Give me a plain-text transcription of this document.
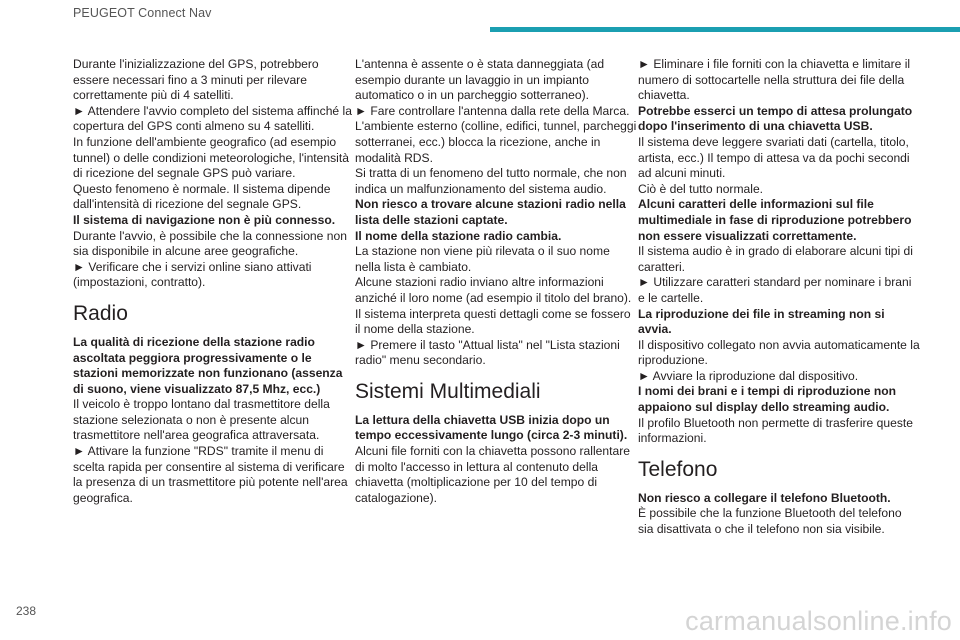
PEUGEOT Connect Nav

Durante l'inizializzazione del GPS, potrebbero essere necessari fino a 3 minuti per rilevare correttamente più di 4 satelliti.

► Attendere l'avvio completo del sistema affinché la copertura del GPS conti almeno su 4 satelliti.

In funzione dell'ambiente geografico (ad esempio tunnel) o delle condizioni meteorologiche, l'intensità di ricezione del segnale GPS può variare.

Questo fenomeno è normale. Il sistema dipende dall'intensità di ricezione del segnale GPS.

Il sistema di navigazione non è più connesso.

Durante l'avvio, è possibile che la connessione non sia disponibile in alcune aree geografiche.

► Verificare che i servizi online siano attivati (impostazioni, contratto).

Radio

La qualità di ricezione della stazione radio ascoltata peggiora progressivamente o le stazioni memorizzate non funzionano (assenza di suono, viene visualizzato 87,5 Mhz, ecc.)

Il veicolo è troppo lontano dal trasmettitore della stazione selezionata o non è presente alcun trasmettitore nell'area geografica attraversata.

► Attivare la funzione "RDS" tramite il menu di scelta rapida per consentire al sistema di verificare la presenza di un trasmettitore più potente nell'area geografica.

L'antenna è assente o è stata danneggiata (ad esempio durante un lavaggio in un impianto automatico o in un parcheggio sotterraneo).

► Fare controllare l'antenna dalla rete della Marca.

L'ambiente esterno (colline, edifici, tunnel, parcheggi sotterranei, ecc.) blocca la ricezione, anche in modalità RDS.

Si tratta di un fenomeno del tutto normale, che non indica un malfunzionamento del sistema audio.

Non riesco a trovare alcune stazioni radio nella lista delle stazioni captate.

Il nome della stazione radio cambia.

La stazione non viene più rilevata o il suo nome nella lista è cambiato.

Alcune stazioni radio inviano altre informazioni anziché il loro nome (ad esempio il titolo del brano).

Il sistema interpreta questi dettagli come se fossero il nome della stazione.

► Premere il tasto "Attual lista" nel "Lista stazioni radio" menu secondario.

Sistemi Multimediali

La lettura della chiavetta USB inizia dopo un tempo eccessivamente lungo (circa 2-3 minuti).

Alcuni file forniti con la chiavetta possono rallentare di molto l'accesso in lettura al contenuto della chiavetta (moltiplicazione per 10 del tempo di catalogazione).

► Eliminare i file forniti con la chiavetta e limitare il numero di sottocartelle nella struttura dei file della chiavetta.

Potrebbe esserci un tempo di attesa prolungato dopo l'inserimento di una chiavetta USB.

Il sistema deve leggere svariati dati (cartella, titolo, artista, ecc.) Il tempo di attesa va da pochi secondi ad alcuni minuti.

Ciò è del tutto normale.

Alcuni caratteri delle informazioni sul file multimediale in fase di riproduzione potrebbero non essere visualizzati correttamente.

Il sistema audio è in grado di elaborare alcuni tipi di caratteri.

► Utilizzare caratteri standard per nominare i brani e le cartelle.

La riproduzione dei file in streaming non si avvia.

Il dispositivo collegato non avvia automaticamente la riproduzione.

► Avviare la riproduzione dal dispositivo.

I nomi dei brani e i tempi di riproduzione non appaiono sul display dello streaming audio.

Il profilo Bluetooth non permette di trasferire queste informazioni.

Telefono

Non riesco a collegare il telefono Bluetooth.

È possibile che la funzione Bluetooth del telefono sia disattivata o che il telefono non sia visibile.

238	carmanualsonline.info
